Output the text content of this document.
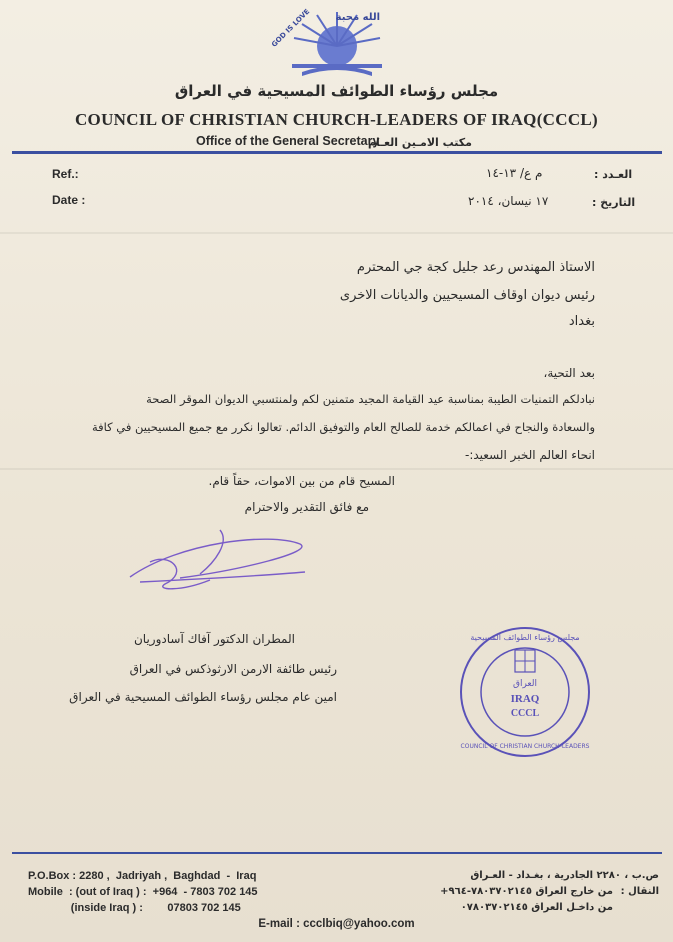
GOD IS LOVE الله محبة
مجلس رؤساء الطوائف المسيحية في العراق
COUNCIL OF CHRISTIAN CHURCH-LEADERS OF IRAQ(CCCL)
Office of the General Secretary
مكتب الامـين العـام
Ref.:	م ع/ ١٣-١٤	العـدد :
Date :	١٧ نيسان، ٢٠١٤	التاريخ :
الاستاذ المهندس رعد جليل كجة جي المحترم
رئيس ديوان اوقاف المسيحيين والديانات الاخرى
بغداد
بعد التحية،
نبادلكم التمنيات الطيبة بمناسبة عيد القيامة المجيد متمنين لكم ولمنتسبي الديوان الموقر الصحة
والسعادة والنجاح في اعمالكم خدمة للصالح العام والتوفيق الدائم. تعالوا نكرر مع جميع المسيحيين في كافة
انحاء العالم الخبر السعيد:-
المسيح قام من بين الاموات، حقاً قام.
مع فائق التقدير والاحترام
المطران الدكتور آفاك آسادوريان
رئيس طائفة الارمن الارثوذكس في العراق
امين عام مجلس رؤساء الطوائف المسيحية في العراق
مجلس رؤساء الطوائف المسيحية
العراق
IRAQ
CCCL
COUNCIL OF CHRISTIAN CHURCH-LEADERS
P.O.Box : 2280 ,  Jadriyah ,  Baghdad  -  Iraq
Mobile  : (out of Iraq ) :  +964  - 7803 702 145
(inside Iraq ) :        07803 702 145
ص.ب ، ٢٢٨٠ الجادرية ، بغـداد - العـراق
النقال :
من خارج العراق ٧٨٠٣٧٠٢١٤٥-٩٦٤+
من داخـل العراق ٠٧٨٠٣٧٠٢١٤٥
E-mail : ccclbiq@yahoo.com
